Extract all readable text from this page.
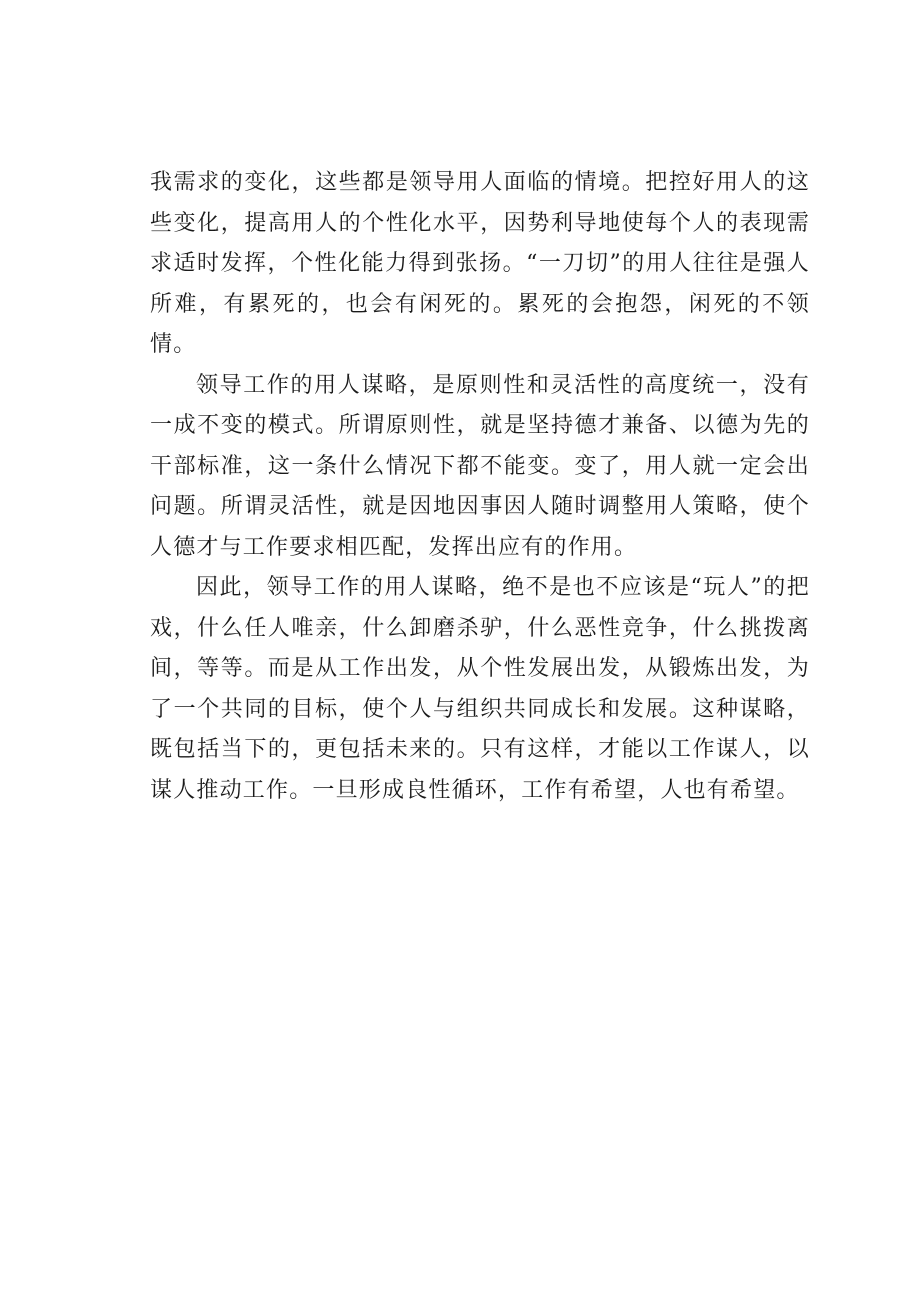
我需求的变化，这些都是领导用人面临的情境。把控好用人的这些变化，提高用人的个性化水平，因势利导地使每个人的表现需求适时发挥，个性化能力得到张扬。“一刀切”的用人往往是强人所难，有累死的，也会有闲死的。累死的会抱怨，闲死的不领情。

领导工作的用人谋略，是原则性和灵活性的高度统一，没有一成不变的模式。所谓原则性，就是坚持德才兼备、以德为先的干部标准，这一条什么情况下都不能变。变了，用人就一定会出问题。所谓灵活性，就是因地因事因人随时调整用人策略，使个人德才与工作要求相匹配，发挥出应有的作用。

因此，领导工作的用人谋略，绝不是也不应该是“玩人”的把戏，什么任人唯亲，什么卸磨杀驴，什么恶性竞争，什么挑拨离间，等等。而是从工作出发，从个性发展出发，从锻炼出发，为了一个共同的目标，使个人与组织共同成长和发展。这种谋略，既包括当下的，更包括未来的。只有这样，才能以工作谋人，以谋人推动工作。一旦形成良性循环，工作有希望，人也有希望。
